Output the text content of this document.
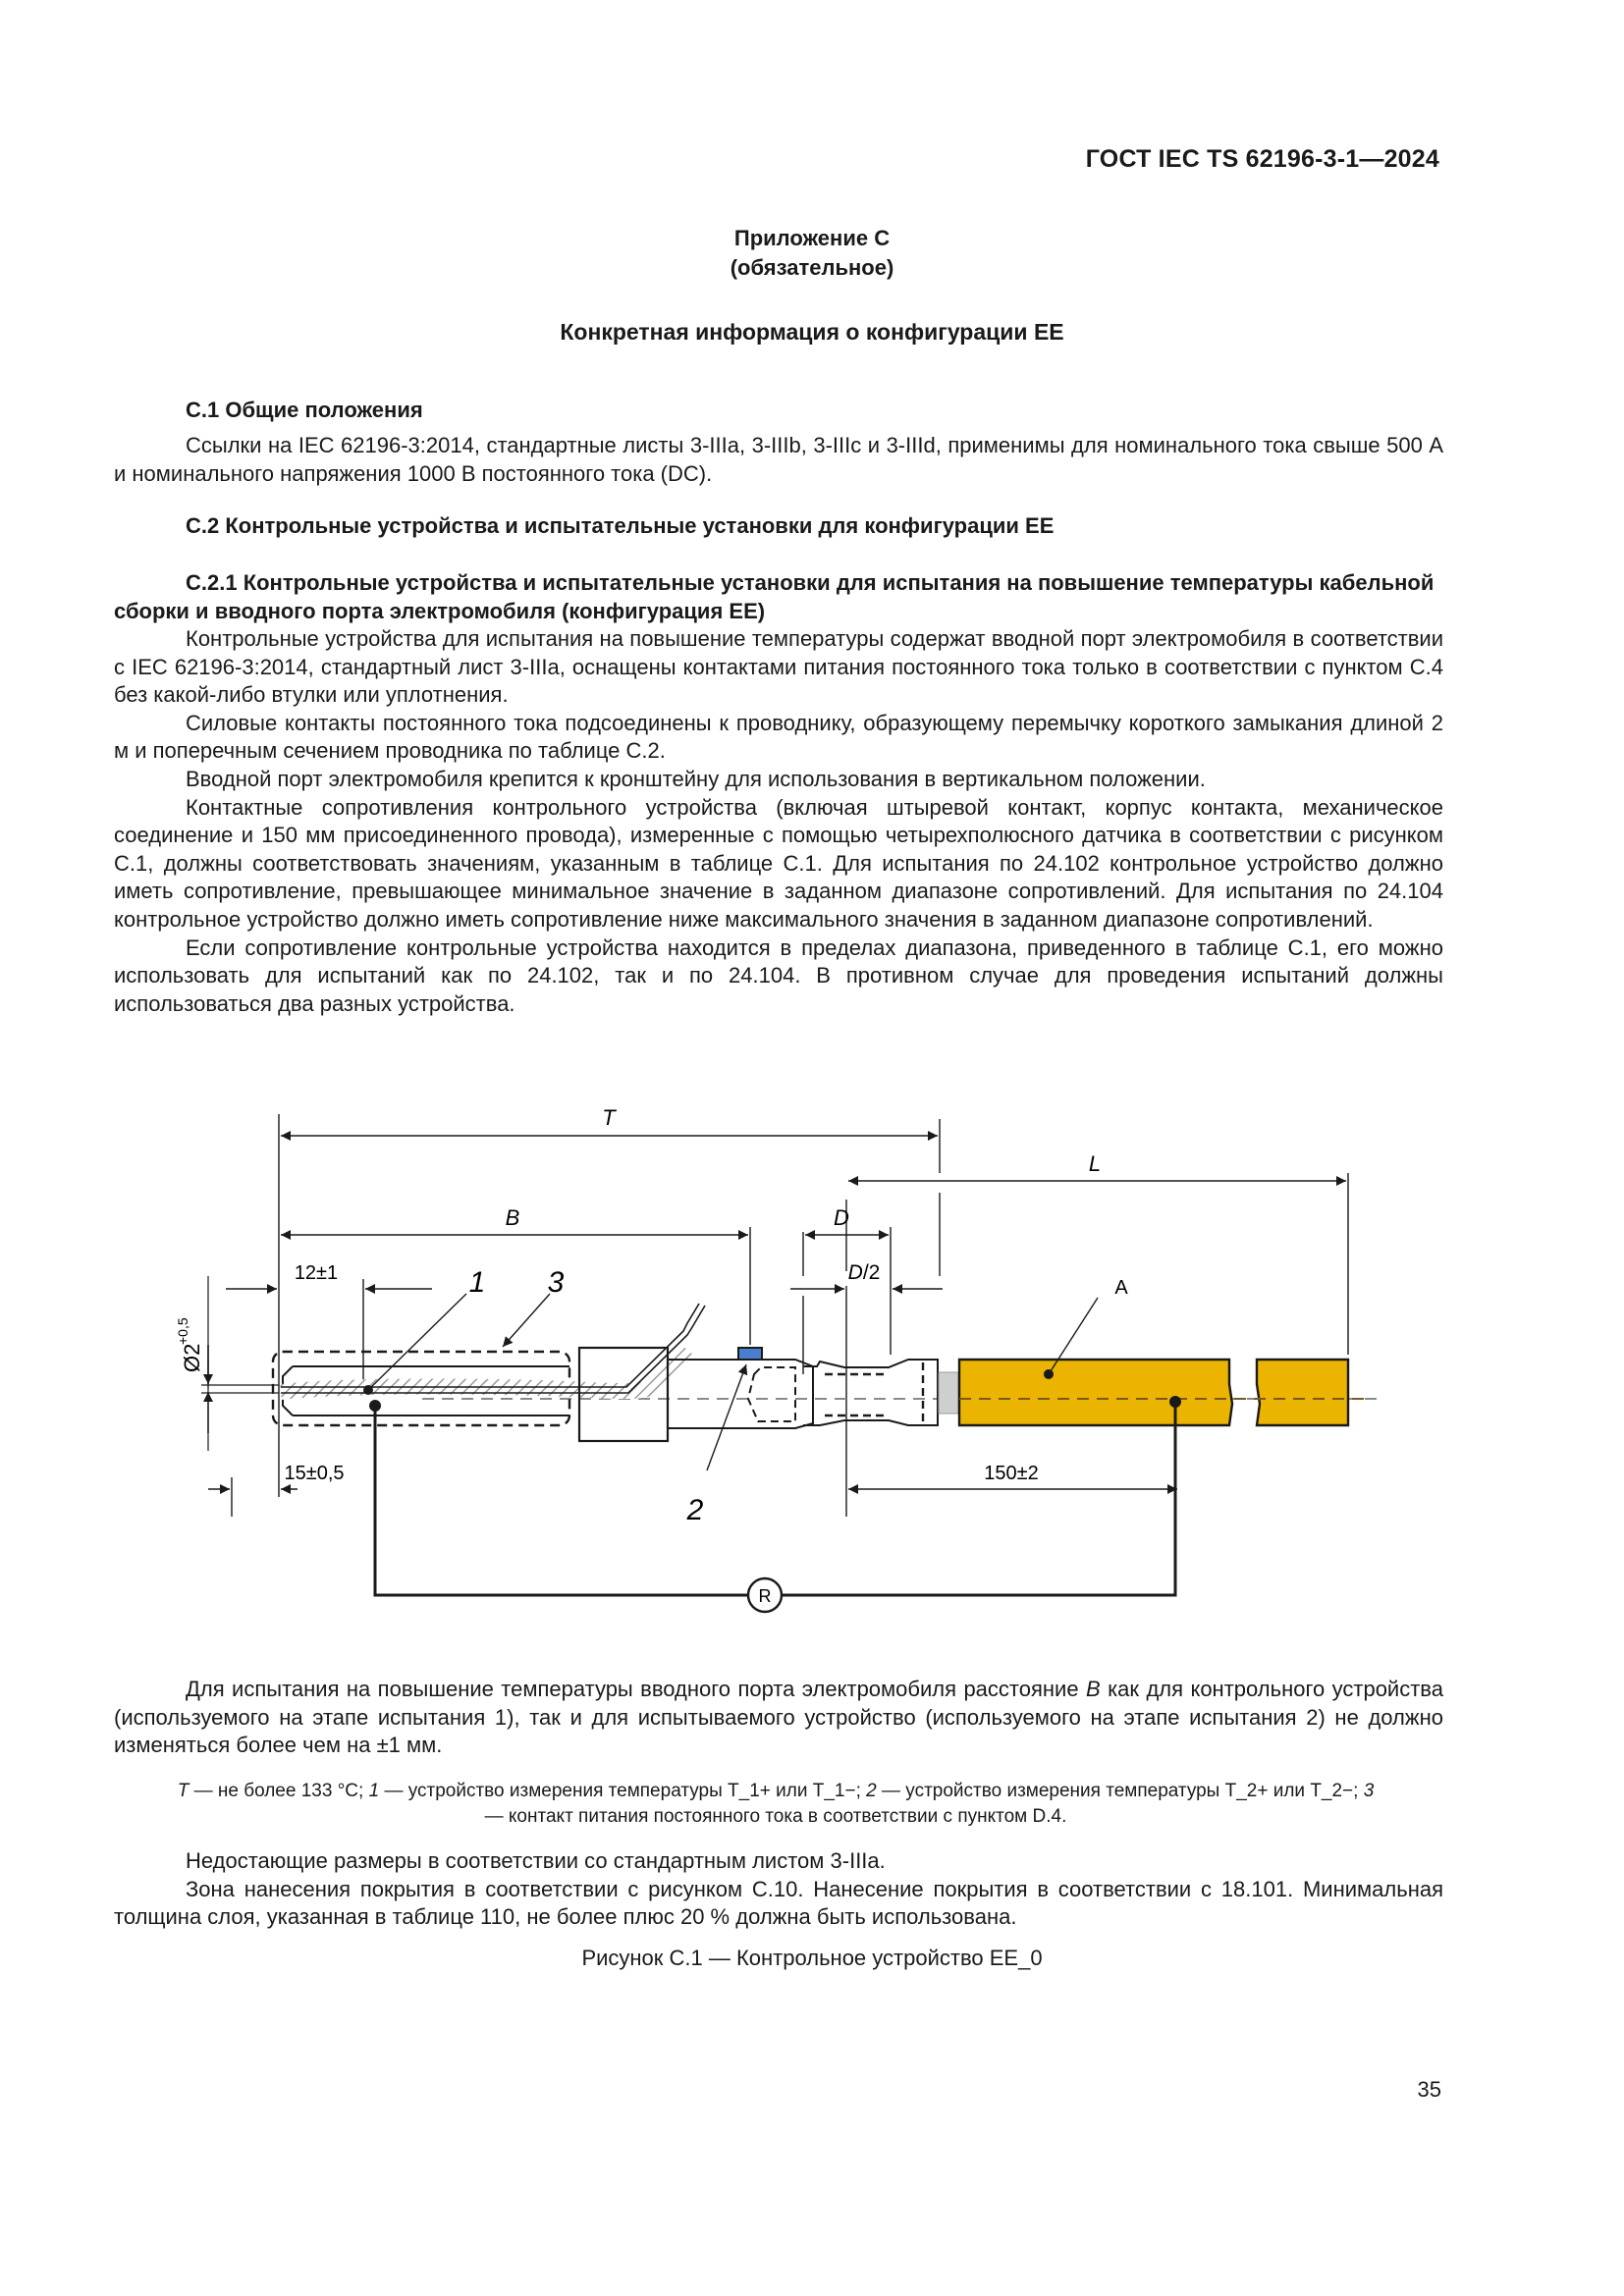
ГОСТ IEC TS 62196-3-1—2024
Приложение С
(обязательное)
Конкретная информация о конфигурации ЕЕ
С.1 Общие положения

Ссылки на IEC 62196-3:2014, стандартные листы 3-IIIa, 3-IIIb, 3-IIIc и 3-IIId, применимы для номинального тока свыше 500 А и номинального напряжения 1000 В постоянного тока (DC).

С.2 Контрольные устройства и испытательные установки для конфигурации ЕЕ

С.2.1 Контрольные устройства и испытательные установки для испытания на повышение температуры кабельной сборки и вводного порта электромобиля (конфигурация ЕЕ)

Контрольные устройства для испытания на повышение температуры содержат вводной порт электромобиля в соответствии с IEC 62196-3:2014, стандартный лист 3-IIIa, оснащены контактами питания постоянного тока только в соответствии с пунктом С.4 без какой-либо втулки или уплотнения.

Силовые контакты постоянного тока подсоединены к проводнику, образующему перемычку короткого замыкания длиной 2 м и поперечным сечением проводника по таблице С.2.

Вводной порт электромобиля крепится к кронштейну для использования в вертикальном положении.

Контактные сопротивления контрольного устройства (включая штыревой контакт, корпус контакта, механическое соединение и 150 мм присоединенного провода), измеренные с помощью четырехполюсного датчика в соответствии с рисунком С.1, должны соответствовать значениям, указанным в таблице С.1. Для испытания по 24.102 контрольное устройство должно иметь сопротивление, превышающее минимальное значение в заданном диапазоне сопротивлений. Для испытания по 24.104 контрольное устройство должно иметь сопротивление ниже максимального значения в заданном диапазоне сопротивлений.

Если сопротивление контрольные устройства находится в пределах диапазона, приведенного в таблице С.1, его можно использовать для испытаний как по 24.102, так и по 24.104. В противном случае для проведения испытаний должны использоваться два разных устройства.

T
B	D
D/2
L
12±1
15±0,5	150±2
Ø2
+0,5
1 3
2
A
R

Для испытания на повышение температуры вводного порта электромобиля расстояние B как для контрольного устройства (используемого на этапе испытания 1), так и для испытываемого устройство (используемого на этапе испытания 2) не должно изменяться более чем на ±1 мм.

T — не более 133 °С; 1 — устройство измерения температуры T_1+ или T_1−; 2 — устройство измерения температуры T_2+ или T_2−; 3 — контакт питания постоянного тока в соответствии с пунктом D.4.

Недостающие размеры в соответствии со стандартным листом 3-IIIa.

Зона нанесения покрытия в соответствии с рисунком С.10. Нанесение покрытия в соответствии с 18.101. Минимальная толщина слоя, указанная в таблице 110, не более плюс 20 % должна быть использована.

Рисунок С.1 — Контрольное устройство EE_0
35
